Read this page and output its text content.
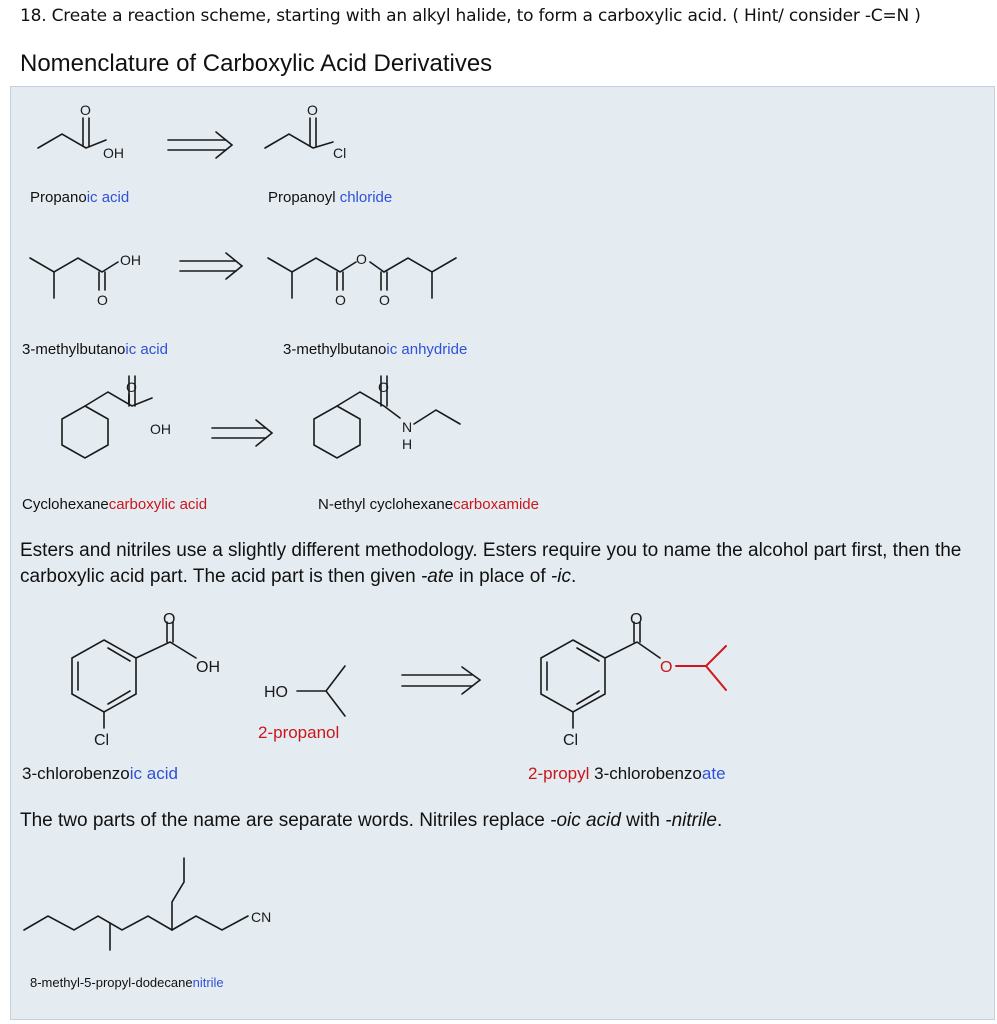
18. Create a reaction scheme, starting with an alkyl halide, to form a carboxylic acid. ( Hint/ consider -C=N )
Nomenclature of Carboxylic Acid Derivatives
O
OH
O
Cl
O
OH
O
O
O
O
OH
O
N
H
O
OH
Cl
HO
O
O
Cl
CN
Propanoic acid	Propanoyl chloride
3-methylbutanoic acid	3-methylbutanoic anhydride
Cyclohexanecarboxylic acid	N-ethyl cyclohexanecarboxamide
Esters and nitriles use a slightly different methodology. Esters require you to name the alcohol part first, then the carboxylic acid part. The acid part is then given -ate in place of -ic.
2-propanol
3-chlorobenzoic acid	2-propyl 3-chlorobenzoate
The two parts of the name are separate words. Nitriles replace -oic acid with -nitrile.
8-methyl-5-propyl-dodecanenitrile
